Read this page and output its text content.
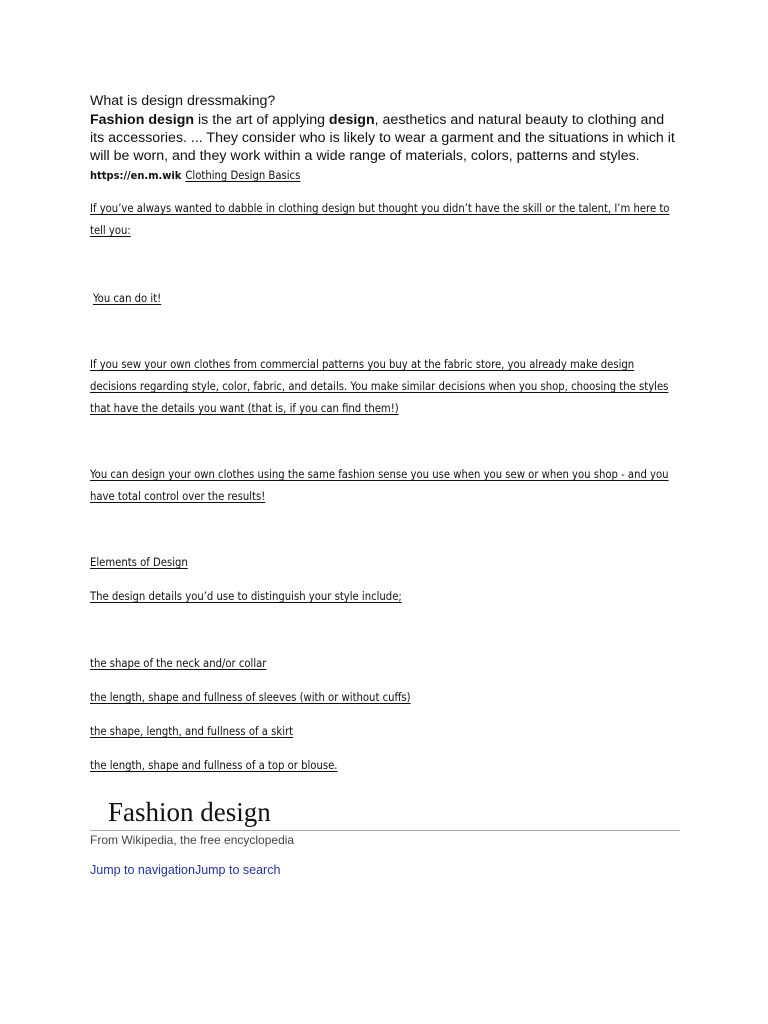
What is design dressmaking?

Fashion design is the art of applying design, aesthetics and natural beauty to clothing and its accessories. ... They consider who is likely to wear a garment and the situations in which it will be worn, and they work within a wide range of materials, colors, patterns and styles.

https://en.m.wik Clothing Design Basics

If you’ve always wanted to dabble in clothing design but thought you didn’t have the skill or the talent, I’m here to tell you:

You can do it!

If you sew your own clothes from commercial patterns you buy at the fabric store, you already make design decisions regarding style, color, fabric, and details. You make similar decisions when you shop, choosing the styles that have the details you want (that is, if you can find them!)

You can design your own clothes using the same fashion sense you use when you sew or when you shop - and you have total control over the results!

Elements of Design

The design details you’d use to distinguish your style include;

the shape of the neck and/or collar

the length, shape and fullness of sleeves (with or without cuffs)

the shape, length, and fullness of a skirt

the length, shape and fullness of a top or blouse.

Fashion design

From Wikipedia, the free encyclopedia

Jump to navigationJump to search
